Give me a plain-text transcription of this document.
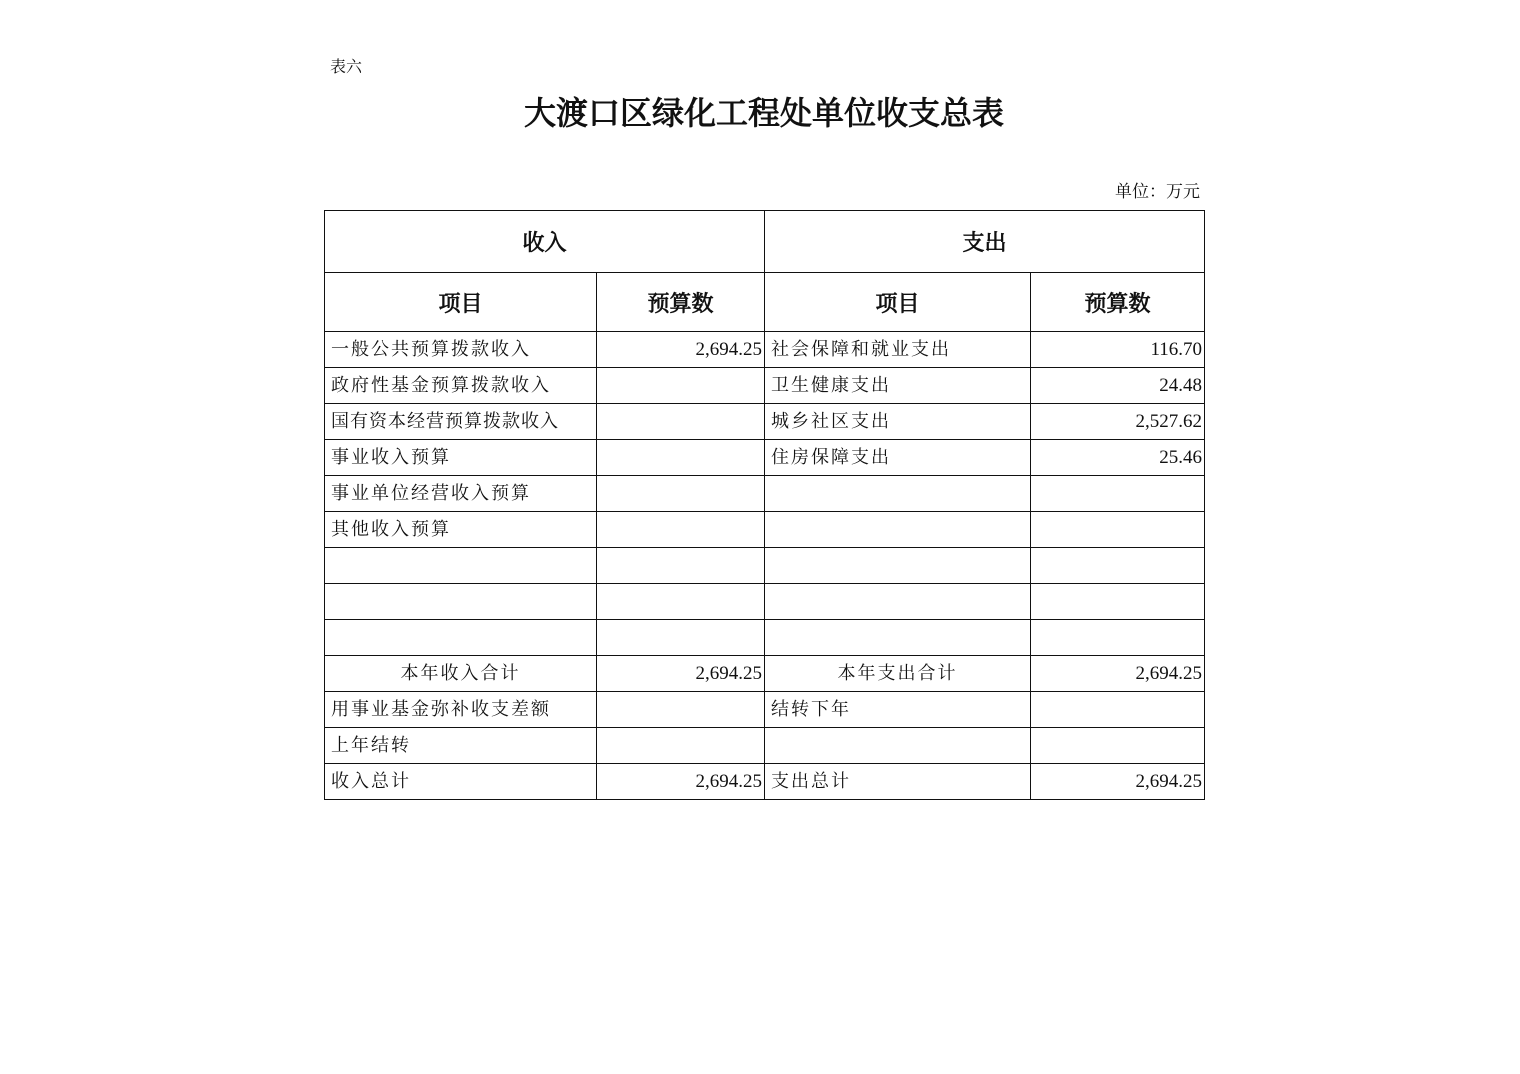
表六
大渡口区绿化工程处单位收支总表
单位：万元
收入		支出	
项目	预算数	项目	预算数
一般公共预算拨款收入	2,694.25	社会保障和就业支出	116.70
政府性基金预算拨款收入		卫生健康支出	24.48
国有资本经营预算拨款收入		城乡社区支出	2,527.62
事业收入预算		住房保障支出	25.46
事业单位经营收入预算			
其他收入预算			

本年收入合计	2,694.25	本年支出合计	2,694.25
用事业基金弥补收支差额		结转下年	
上年结转			
收入总计	2,694.25	支出总计	2,694.25
